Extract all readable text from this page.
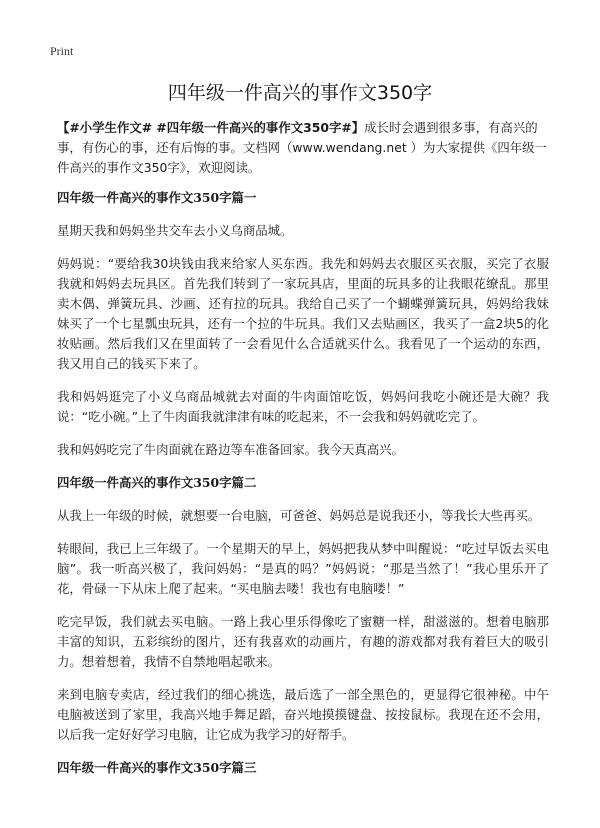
Print
四年级一件高兴的事作文350字

【#小学生作文# #四年级一件高兴的事作文350字#】成长时会遇到很多事，有高兴的事，有伤心的事，还有后悔的事。文档网（www.wendang.net ）为大家提供《四年级一件高兴的事作文350字》，欢迎阅读。

四年级一件高兴的事作文350字篇一

星期天我和妈妈坐共交车去小义乌商品城。

妈妈说：“要给我30块钱由我来给家人买东西。我先和妈妈去衣服区买衣服，买完了衣服我就和妈妈去玩具区。首先我们转到了一家玩具店，里面的玩具多的让我眼花缭乱。那里卖木偶、弹簧玩具、沙画、还有拉的玩具。我给自己买了一个蝴蝶弹簧玩具，妈妈给我妹妹买了一个七星瓢虫玩具，还有一个拉的牛玩具。我们又去贴画区，我买了一盒2块5的化妆贴画。然后我们又在里面转了一会看见什么合适就买什么。我看见了一个运动的东西，我又用自己的钱买下来了。

我和妈妈逛完了小义乌商品城就去对面的牛肉面馆吃饭，妈妈问我吃小碗还是大碗？我说：“吃小碗。”上了牛肉面我就津津有味的吃起来，不一会我和妈妈就吃完了。

我和妈妈吃完了牛肉面就在路边等车准备回家。我今天真高兴。

四年级一件高兴的事作文350字篇二

从我上一年级的时候，就想要一台电脑，可爸爸、妈妈总是说我还小，等我长大些再买。

转眼间，我已上三年级了。一个星期天的早上，妈妈把我从梦中叫醒说：“吃过早饭去买电脑”。我一听高兴极了，我问妈妈：“是真的吗？”妈妈说：“那是当然了！”我心里乐开了花，骨碌一下从床上爬了起来。“买电脑去喽！我也有电脑喽！”

吃完早饭，我们就去买电脑。一路上我心里乐得像吃了蜜糖一样，甜滋滋的。想着电脑那丰富的知识，五彩缤纷的图片，还有我喜欢的动画片，有趣的游戏都对我有着巨大的吸引力。想着想着，我情不自禁地唱起歌来。

来到电脑专卖店，经过我们的细心挑选，最后选了一部全黑色的，更显得它很神秘。中午电脑被送到了家里，我高兴地手舞足蹈，奋兴地摸摸键盘、按按鼠标。我现在还不会用，以后我一定好好学习电脑，让它成为我学习的好帮手。

四年级一件高兴的事作文350字篇三
